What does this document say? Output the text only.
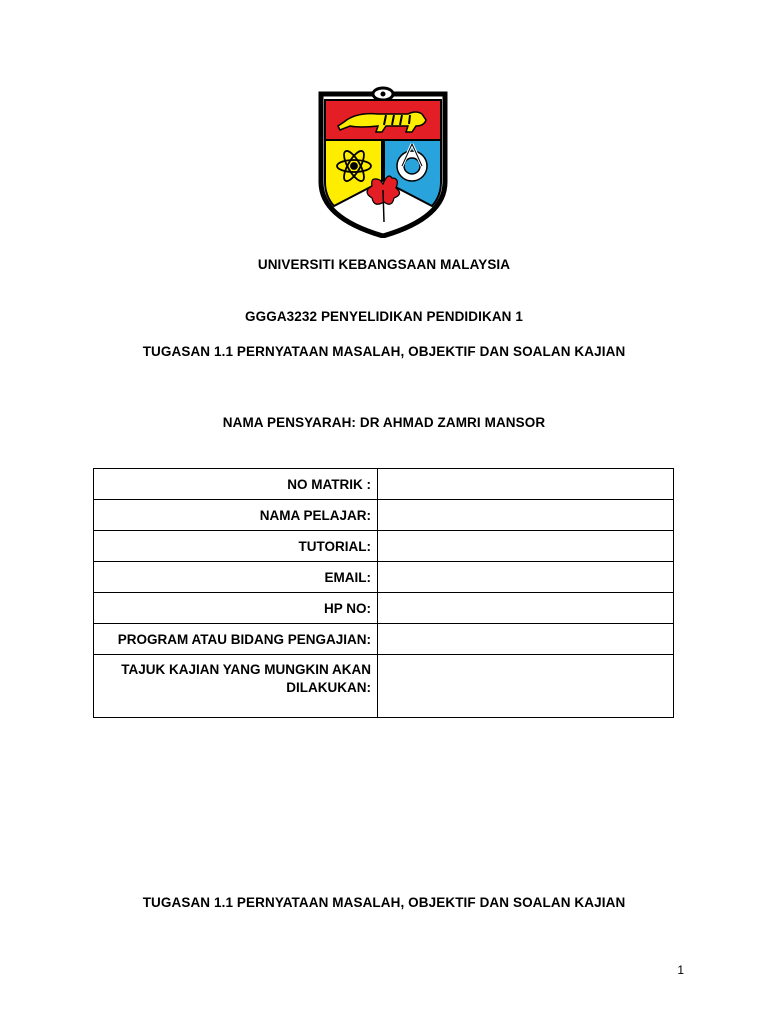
UNIVERSITI KEBANGSAAN MALAYSIA
GGGA3232 PENYELIDIKAN PENDIDIKAN 1
TUGASAN 1.1 PERNYATAAN MASALAH, OBJEKTIF DAN SOALAN KAJIAN
NAMA PENSYARAH: DR AHMAD ZAMRI MANSOR
NO MATRIK :	
NAMA PELAJAR:	
TUTORIAL:	
EMAIL:	
HP NO:	
PROGRAM ATAU BIDANG PENGAJIAN:	
TAJUK KAJIAN YANG MUNGKIN AKAN DILAKUKAN:	
TUGASAN 1.1 PERNYATAAN MASALAH, OBJEKTIF DAN SOALAN KAJIAN
1
